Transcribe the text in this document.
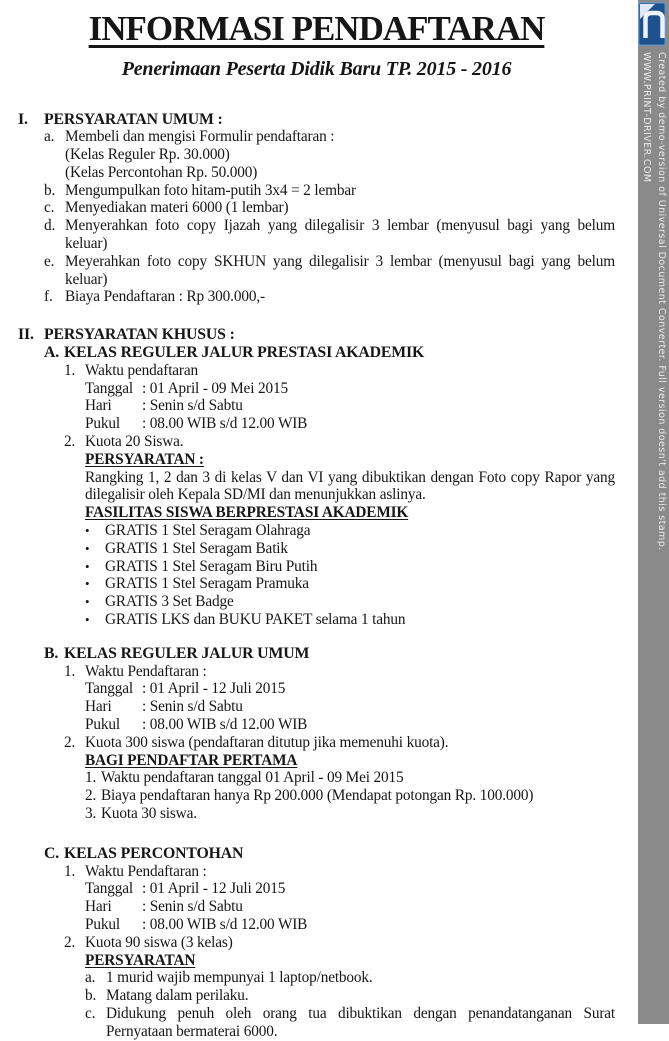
INFORMASI PENDAFTARAN
Penerimaan Peserta Didik Baru TP. 2015 - 2016
I.	PERSYARATAN UMUM :
a. Membeli dan mengisi Formulir pendaftaran :
(Kelas Reguler Rp. 30.000)
(Kelas Percontohan Rp. 50.000)
b. Mengumpulkan foto hitam-putih 3x4 = 2 lembar
c. Menyediakan materi 6000 (1 lembar)
d. Menyerahkan foto copy Ijazah yang dilegalisir 3 lembar (menyusul bagi yang belum keluar)
e. Meyerahkan foto copy SKHUN yang dilegalisir 3 lembar (menyusul bagi yang belum keluar)
f. Biaya Pendaftaran : Rp 300.000,-
II. PERSYARATAN KHUSUS :
A. KELAS REGULER JALUR PRESTASI AKADEMIK
1. Waktu pendaftaran
Tanggal : 01 April - 09 Mei 2015
Hari	: Senin s/d Sabtu
Pukul	: 08.00 WIB s/d 12.00 WIB
2. Kuota 20 Siswa.
PERSYARATAN :
Rangking 1, 2 dan 3 di kelas V dan VI yang dibuktikan dengan Foto copy Rapor yang dilegalisir oleh Kepala SD/MI dan menunjukkan aslinya.
FASILITAS SISWA BERPRESTASI AKADEMIK
•	GRATIS 1 Stel Seragam Olahraga
•	GRATIS 1 Stel Seragam Batik
•	GRATIS 1 Stel Seragam Biru Putih
•	GRATIS 1 Stel Seragam Pramuka
•	GRATIS 3 Set Badge
•	GRATIS LKS dan BUKU PAKET selama 1 tahun
B. KELAS REGULER JALUR UMUM
1. Waktu Pendaftaran :
Tanggal : 01 April - 12 Juli 2015
Hari	: Senin s/d Sabtu
Pukul	: 08.00 WIB s/d 12.00 WIB
2. Kuota 300 siswa (pendaftaran ditutup jika memenuhi kuota).
BAGI PENDAFTAR PERTAMA
1. Waktu pendaftaran tanggal 01 April - 09 Mei 2015
2. Biaya pendaftaran hanya Rp 200.000 (Mendapat potongan Rp. 100.000)
3. Kuota 30 siswa.
C. KELAS PERCONTOHAN
1. Waktu Pendaftaran :
Tanggal : 01 April - 12 Juli 2015
Hari	: Senin s/d Sabtu
Pukul	: 08.00 WIB s/d 12.00 WIB
2. Kuota 90 siswa (3 kelas)
PERSYARATAN
a. 1 murid wajib mempunyai 1 laptop/netbook.
b. Matang dalam perilaku.
c. Didukung penuh oleh orang tua dibuktikan dengan penandatanganan Surat Pernyataan bermaterai 6000.
Created by demo-version of Universal Document Converter. Full version doesn't add this stamp.
WWW.PRINT-DRIVER.COM
